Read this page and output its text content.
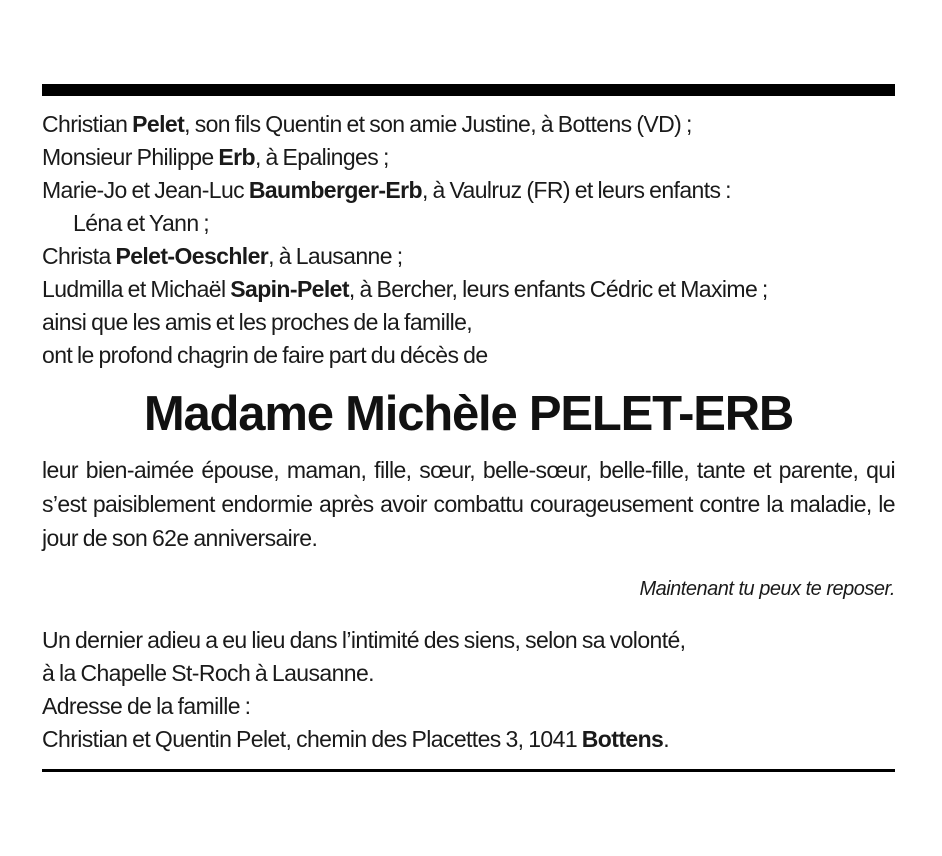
Christian Pelet, son fils Quentin et son amie Justine, à Bottens (VD) ;
Monsieur Philippe Erb, à Epalinges ;
Marie-Jo et Jean-Luc Baumberger-Erb, à Vaulruz (FR) et leurs enfants :
Léna et Yann ;
Christa Pelet-Oeschler, à Lausanne ;
Ludmilla et Michaël Sapin-Pelet, à Bercher, leurs enfants Cédric et Maxime ;
ainsi que les amis et les proches de la famille,
ont le profond chagrin de faire part du décès de
Madame Michèle PELET-ERB
leur bien-aimée épouse, maman, fille, sœur, belle-sœur, belle-fille, tante et parente, qui s’est paisiblement endormie après avoir combattu courageusement contre la maladie, le jour de son 62e anniversaire.
Maintenant tu peux te reposer.
Un dernier adieu a eu lieu dans l’intimité des siens, selon sa volonté,
à la Chapelle St-Roch à Lausanne.
Adresse de la famille :
Christian et Quentin Pelet, chemin des Placettes 3, 1041 Bottens.
